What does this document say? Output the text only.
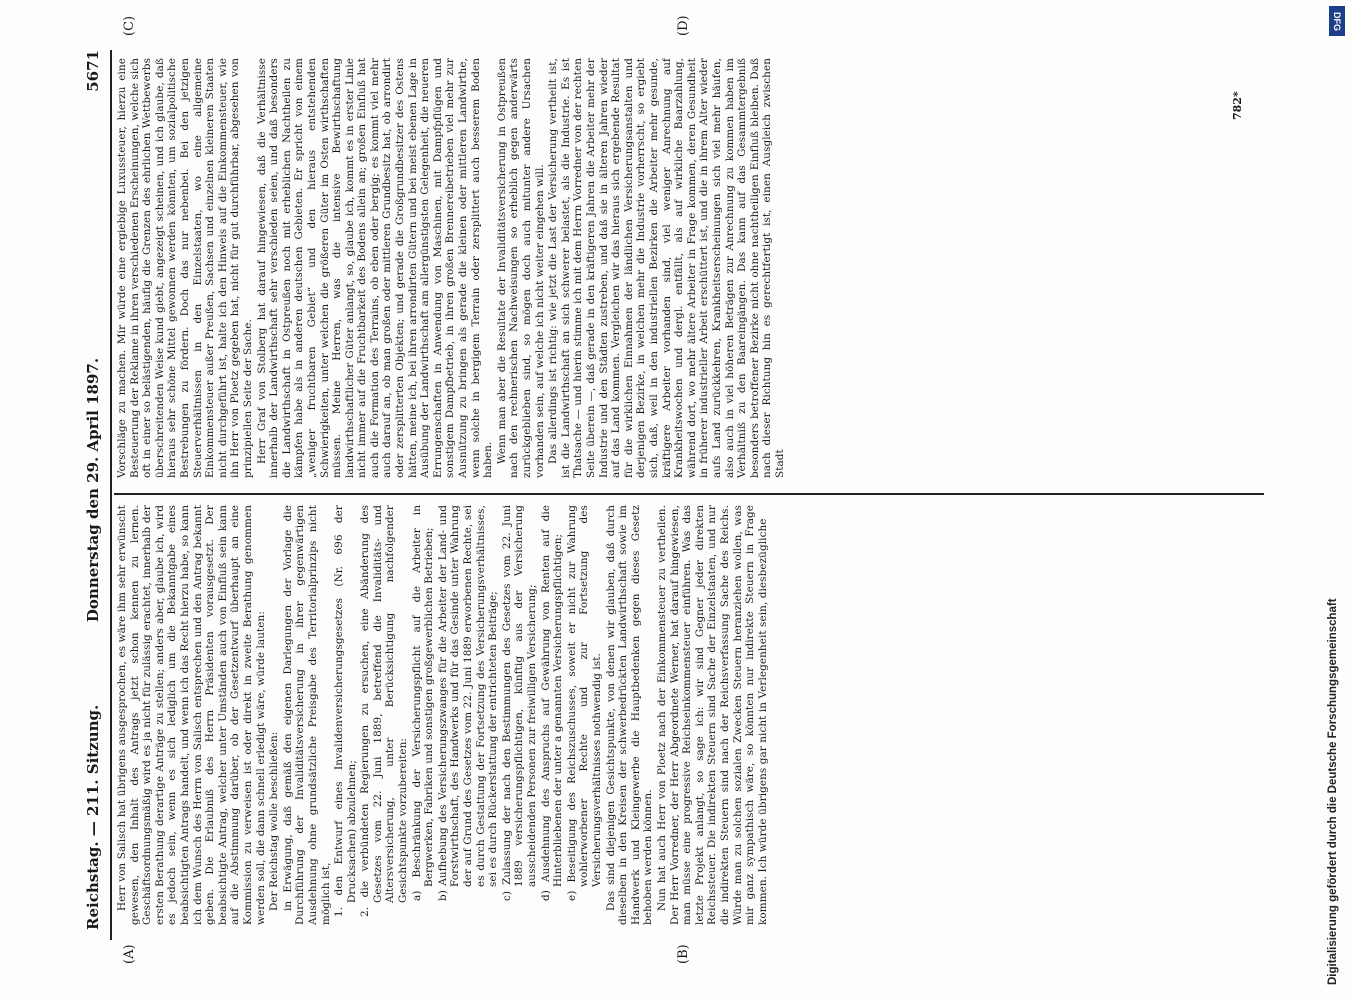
Reichstag. — 211. Sitzung.
Donnerstag den 29. April 1897.
5671
(A)	(B)
(C)	(D)

Herr von Salisch hat übrigens ausgesprochen, es wäre ihm sehr erwünscht gewesen, den Inhalt des Antrags jetzt schon kennen zu lernen. Geschäftsordnungsmäßig wird es ja nicht für zulässig erachtet, innerhalb der ersten Berathung derartige Anträge zu stellen; anders aber, glaube ich, wird es jedoch sein, wenn es sich lediglich um die Bekanntgabe eines beabsichtigten Antrags handelt, und wenn ich das Recht hierzu habe, so kann ich dem Wunsch des Herrn von Salisch entsprechen und den Antrag bekannt geben. Die Erlaubniß des Herrn Präsidenten vorausgesetzt. Der beabsichtigte Antrag, welcher unter Umständen auch von Einfluß sein kann auf die Abstimmung darüber, ob der Gesetzentwurf überhaupt an eine Kommission zu verweisen ist oder direkt in zweite Berathung genommen werden soll, die dann schnell erledigt wäre, würde lauten: Der Reichstag wolle beschließen: in Erwägung, daß gemäß den eigenen Darlegungen der Vorlage die Durchführung der Invaliditätsversicherung in ihrer gegenwärtigen Ausdehnung ohne grundsätzliche Preisgabe des Territorialprinzips nicht möglich ist, 1. den Entwurf eines Invalidenversicherungsgesetzes (Nr. 696 der Drucksachen) abzulehnen; 2. die verbündeten Regierungen zu ersuchen, eine Abänderung des Gesetzes vom 22. Juni 1889, betreffend die Invaliditäts- und Altersversicherung, unter Berücksichtigung nachfolgender Gesichtspunkte vorzubereiten: a) Beschränkung der Versicherungspflicht auf die Arbeiter in Bergwerken, Fabriken und sonstigen großgewerblichen Betrieben; b) Aufhebung des Versicherungszwanges für die Arbeiter der Land- und Forstwirthschaft, des Handwerks und für das Gesinde unter Wahrung der auf Grund des Gesetzes vom 22. Juni 1889 erworbenen Rechte, sei es durch Gestattung der Fortsetzung des Versicherungsverhältnisses, sei es durch Rückerstattung der entrichteten Beiträge; c) Zulassung der nach den Bestimmungen des Gesetzes vom 22. Juni 1889 versicherungspflichtigen, künftig aus der Versicherung ausscheidenden Personen zur freiwilligen Versicherung; d) Ausdehnung des Anspruchs auf Gewährung von Renten auf die Hinterbliebenen der unter a genannten Versicherungspflichtigen; e) Beseitigung des Reichszuschusses, soweit er nicht zur Wahrung wohlerworbener Rechte und zur Fortsetzung des Versicherungsverhältnisses nothwendig ist. Das sind diejenigen Gesichtspunkte, von denen wir glauben, daß durch dieselben in den Kreisen der schwerbedrückten Landwirthschaft sowie im Handwerk und Kleingewerbe die Hauptbedenken gegen dieses Gesetz behoben werden können. Nun hat auch Herr von Ploetz nach der Einkommensteuer zu vertheilen. Der Herr Vorredner, der Herr Abgeordnete Werner, hat darauf hingewiesen, man müsse eine progressive Reichseinkommensteuer einführen. Was das letzte Projekt anlangt, so sage ich: wir sind Gegner jeder direkten Reichssteuer. Die indirekten Steuern sind Sache der Einzelstaaten, und nur die indirekten Steuern sind nach der Reichsverfassung Sache des Reichs. Würde man zu solchen sozialen Zwecken Steuern heranziehen wollen, was mir ganz sympathisch wäre, so könnten nur indirekte Steuern in Frage kommen. Ich würde übrigens gar nicht in Verlegenheit sein, diesbezügliche

Vorschläge zu machen. Mir würde eine ergiebige Luxussteuer, hierzu eine Besteuerung der Reklame in ihren verschiedenen Erscheinungen, welche sich oft in einer so belästigenden, häufig die Grenzen des ehrlichen Wettbewerbs überschreitenden Weise kund giebt, angezeigt scheinen, und ich glaube, daß hieraus sehr schöne Mittel gewonnen werden könnten, um sozialpolitische Bestrebungen zu fördern. Doch das nur nebenbei. Bei den jetzigen Steuerverhältnissen in den Einzelstaaten, wo eine allgemeine Einkommensteuer außer Preußen, Sachsen und einzelnen kleineren Staaten nicht durchgeführt ist, halte ich den Hinweis auf die Einkommensteuer, wie ihn Herr von Ploetz gegeben hat, nicht für gut durchführbar, abgesehen von prinzipiellen Seite der Sache. Herr Graf von Stolberg hat darauf hingewiesen, daß die Verhältnisse innerhalb der Landwirthschaft sehr verschieden seien, und daß besonders die Landwirthschaft in Ostpreußen noch mit erheblichen Nachtheilen zu kämpfen habe als in anderen deutschen Gebieten. Er spricht von einem „weniger fruchtbaren Gebiet“ und den hieraus entstehenden Schwierigkeiten, unter welchen die größeren Güter im Osten wirthschaften müssen. Meine Herren, was die intensive Bewirthschaftung landwirthschaftlicher Güter anlangt, so, glaube ich, kommt es in erster Linie nicht immer auf die Fruchtbarkeit des Bodens allein an; großen Einfluß hat auch die Formation des Terrains, ob eben oder bergig; es kommt viel mehr auch darauf an, ob man großen oder mittleren Grundbesitz hat, ob arrondirt oder zersplitterten Objekten; und gerade die Großgrundbesitzer des Ostens hätten, meine ich, bei ihren arrondirten Gütern und bei meist ebenen Lage in Ausübung der Landwirthschaft am allergünstigsten Gelegenheit, die neueren Errungenschaften in Anwendung von Maschinen, mit Dampfpflügen und sonstigem Dampfbetrieb, in ihren großen Brennereibetrieben viel mehr zur Ausnützung zu bringen als gerade die kleinen oder mittleren Landwirthe, wenn solche in bergigem Terrain oder zersplittert auch besserem Boden haben. Wenn man aber die Resultate der Invaliditätsversicherung in Ostpreußen nach den rechnerischen Nachweisungen so erheblich gegen anderwärts zurückgeblieben sind, so mögen doch auch mitunter andere Ursachen vorhanden sein, auf welche ich nicht weiter eingehen will. Das allerdings ist richtig: wie jetzt die Last der Versicherung vertheilt ist, ist die Landwirthschaft an sich schwerer belastet, als die Industrie. Es ist Thatsache — und hierin stimme ich mit dem Herrn Vorredner von der rechten Seite überein —, daß gerade in den kräftigeren Jahren die Arbeiter mehr der Industrie und den Städten zustreben, und daß sie in älteren Jahren wieder auf das Land kommen. Vergleichen wir das hieraus sich ergebende Resultat für die wirklichen Einnahmen der ländlichen Versicherungsanstalten und derjenigen Bezirke, in welchen mehr die Industrie vorherrscht, so ergiebt sich, daß, weil in den industriellen Bezirken die Arbeiter mehr gesunde, kräftigere Arbeiter vorhanden sind, viel weniger Anrechnung auf Krankheitswochen und dergl. entfällt, als auf wirkliche Baarzahlung, während dort, wo mehr ältere Arbeiter in Frage kommen, deren Gesundheit in früherer industrieller Arbeit erschüttert ist, und die in ihrem Alter wieder aufs Land zurückkehren, Krankheitserscheinungen sich viel mehr häufen, also auch in viel höheren Beträgen zur Anrechnung zu kommen haben im Verhältniß zu den Baareingängen. Das kann auf das Gesammtergebniß besonders betroffener Bezirke nicht ohne nachtheiligen Einfluß bleiben. Daß nach dieser Richtung hin es gerechtfertigt ist, einen Ausgleich zwischen Stadt

782*
Digitalisierung gefördert durch die Deutsche Forschungsgemeinschaft
DFG
